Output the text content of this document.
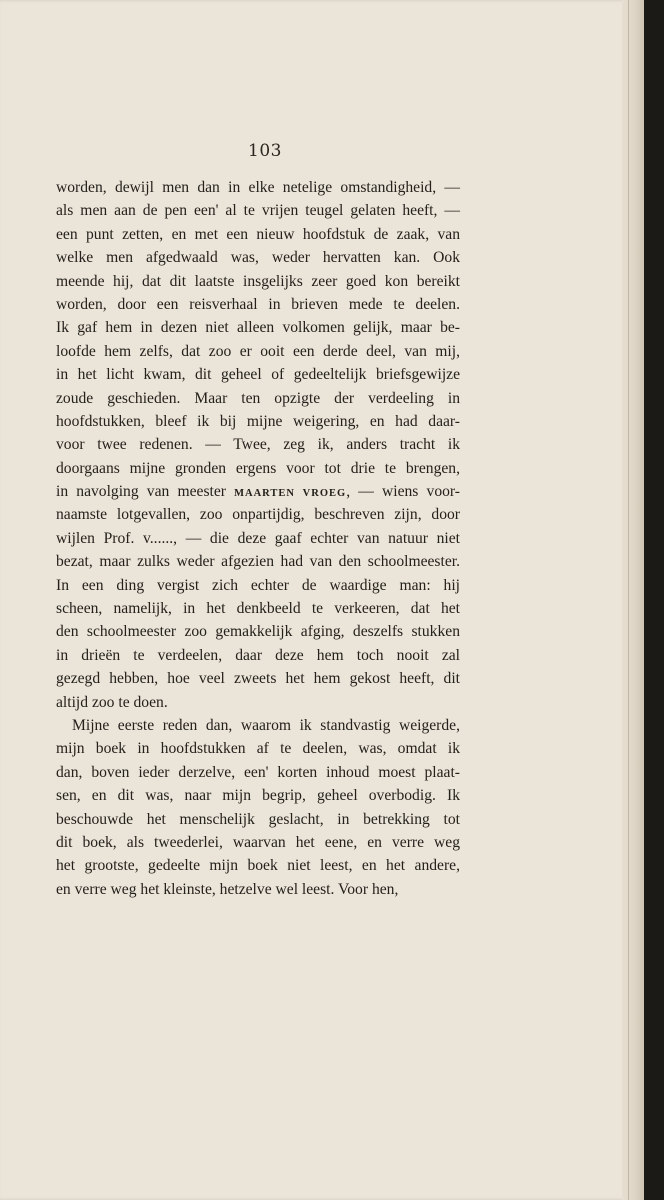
103
worden, dewijl men dan in elke netelige omstandigheid, —
als men aan de pen een' al te vrijen teugel gelaten heeft, —
een punt zetten, en met een nieuw hoofdstuk de zaak, van
welke men afgedwaald was, weder hervatten kan. Ook
meende hij, dat dit laatste insgelijks zeer goed kon bereikt
worden, door een reisverhaal in brieven mede te deelen.
Ik gaf hem in dezen niet alleen volkomen gelijk, maar be-
loofde hem zelfs, dat zoo er ooit een derde deel, van mij,
in het licht kwam, dit geheel of gedeeltelijk briefsgewijze
zoude geschieden. Maar ten opzigte der verdeeling in
hoofdstukken, bleef ik bij mijne weigering, en had daar-
voor twee redenen. — Twee, zeg ik, anders tracht ik
doorgaans mijne gronden ergens voor tot drie te brengen,
in navolging van meester MAARTEN VROEG, — wiens voor-
naamste lotgevallen, zoo onpartijdig, beschreven zijn, door
wijlen Prof. v......, — die deze gaaf echter van natuur niet
bezat, maar zulks weder afgezien had van den schoolmeester.
In een ding vergist zich echter de waardige man: hij
scheen, namelijk, in het denkbeeld te verkeeren, dat het
den schoolmeester zoo gemakkelijk afging, deszelfs stukken
in drieën te verdeelen, daar deze hem toch nooit zal
gezegd hebben, hoe veel zweets het hem gekost heeft, dit
altijd zoo te doen.
Mijne eerste reden dan, waarom ik standvastig weigerde,
mijn boek in hoofdstukken af te deelen, was, omdat ik
dan, boven ieder derzelve, een' korten inhoud moest plaat-
sen, en dit was, naar mijn begrip, geheel overbodig. Ik
beschouwde het menschelijk geslacht, in betrekking tot
dit boek, als tweederlei, waarvan het eene, en verre weg
het grootste, gedeelte mijn boek niet leest, en het andere,
en verre weg het kleinste, hetzelve wel leest. Voor hen,
